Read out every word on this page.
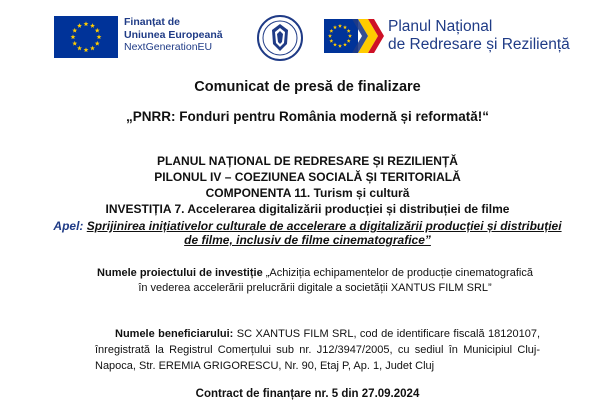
Finanțat de
Uniunea Europeană
NextGenerationEU
Planul Național
de Redresare și Reziliență
Comunicat de presă de finalizare
„PNRR: Fonduri pentru România modernă și reformată!“
PLANUL NAȚIONAL DE REDRESARE ȘI REZILIENȚĂ
PILONUL IV – COEZIUNEA SOCIALĂ ȘI TERITORIALĂ
COMPONENTA 11. Turism și cultură
INVESTIȚIA 7. Accelerarea digitalizării producției și distribuției de filme
Apel: Sprijinirea inițiativelor culturale de accelerare a digitalizării producției și distribuției de filme, inclusiv de filme cinematografice”
Numele proiectului de investiție „Achiziția echipamentelor de producție cinematografică în vederea accelerării prelucrării digitale a societății XANTUS FILM SRL”
Numele beneficiarului: SC XANTUS FILM SRL, cod de identificare fiscală 18120107, înregistrată la Registrul Comerțului sub nr. J12/3947/2005, cu sediul în Municipiul Cluj-Napoca, Str. EREMIA GRIGORESCU, Nr. 90, Etaj P, Ap. 1, Judet Cluj
Contract de finanțare nr. 5 din 27.09.2024
